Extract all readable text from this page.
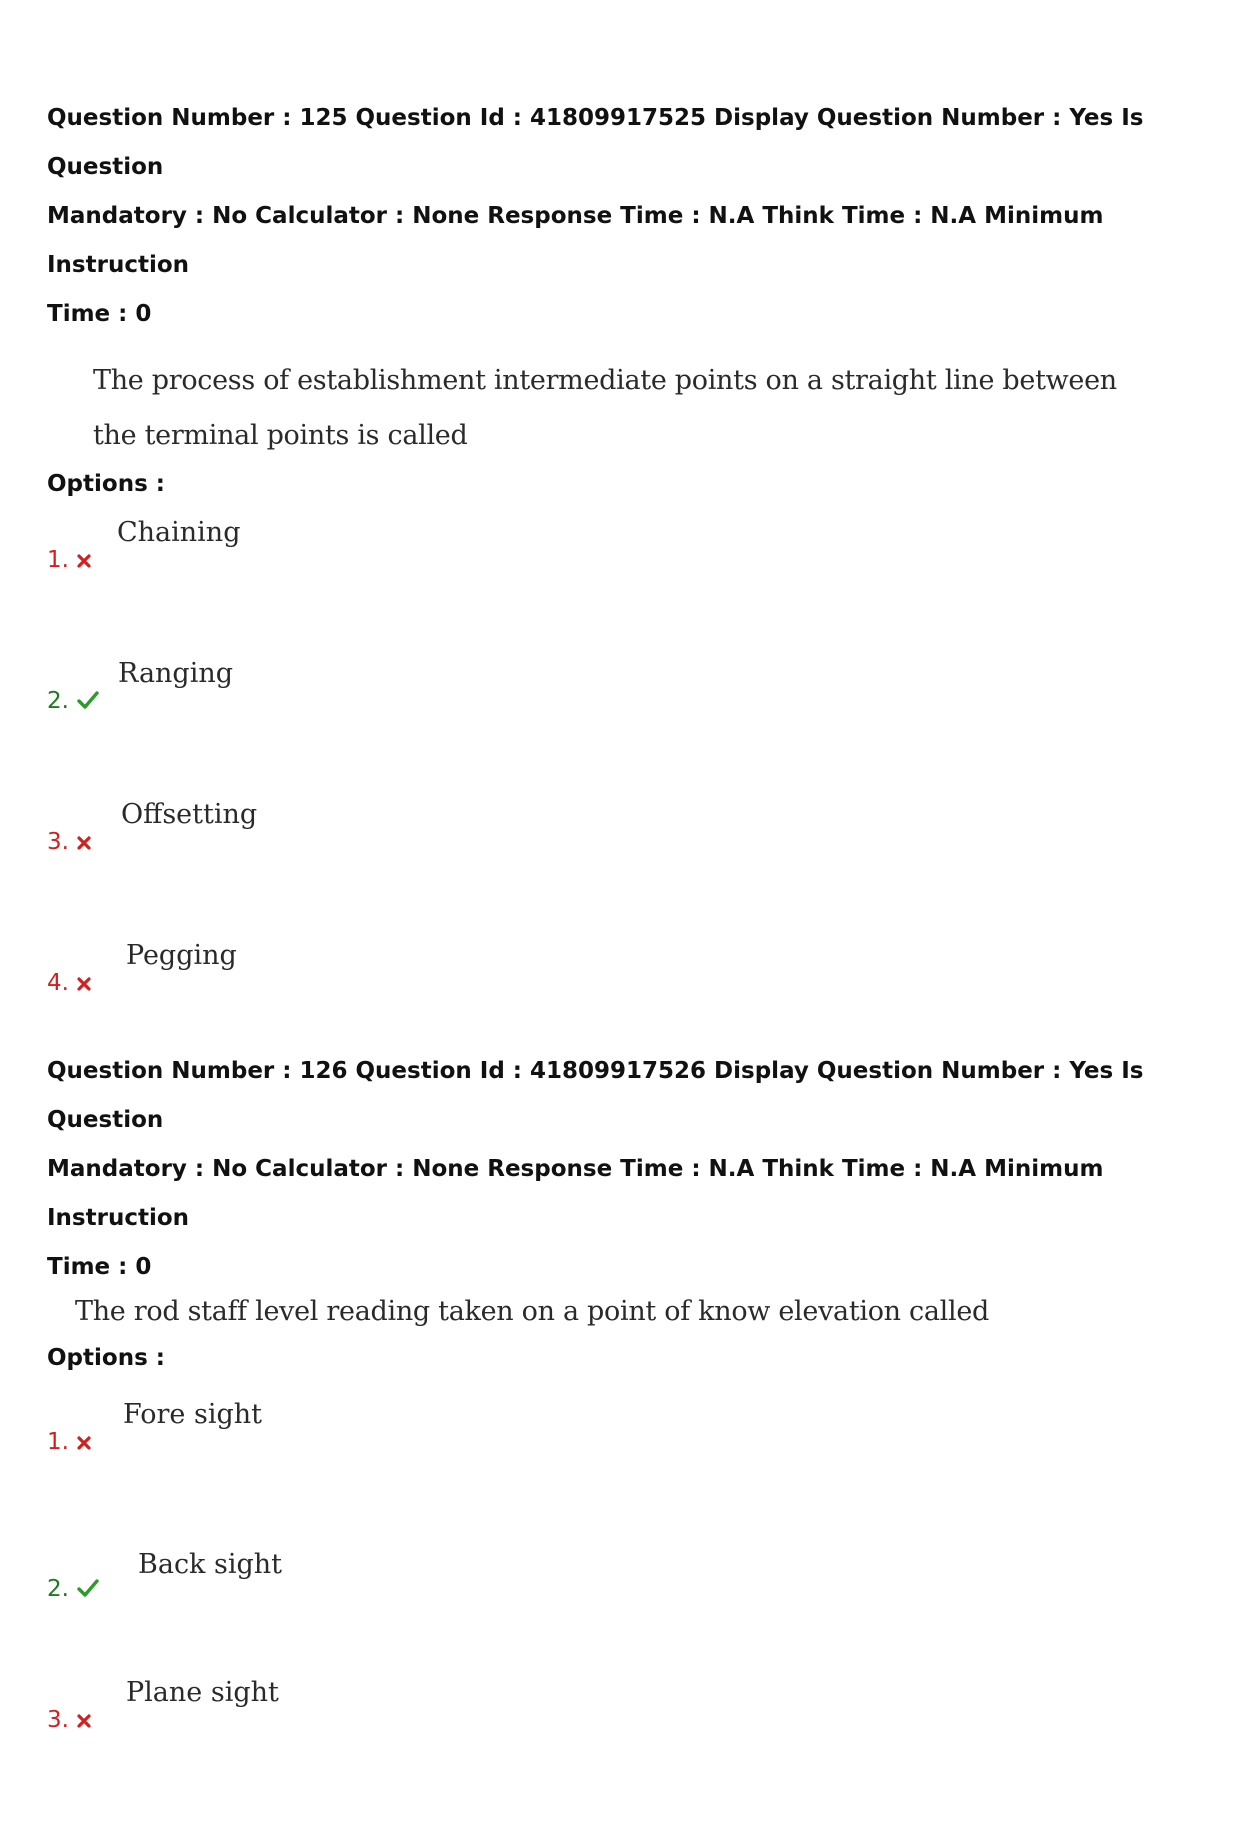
Question Number : 125 Question Id : 41809917525 Display Question Number : Yes Is Question
Mandatory : No Calculator : None Response Time : N.A Think Time : N.A Minimum Instruction
Time : 0

The process of establishment intermediate points on a straight line between

the terminal points is called

Options :
1.
Chaining
2.
Ranging
3.
Offsetting
4.
Pegging
Question Number : 126 Question Id : 41809917526 Display Question Number : Yes Is Question
Mandatory : No Calculator : None Response Time : N.A Think Time : N.A Minimum Instruction
Time : 0

The rod staff level reading taken on a point of know elevation called

Options :
1.
Fore sight
2.
Back sight
3.
Plane sight
